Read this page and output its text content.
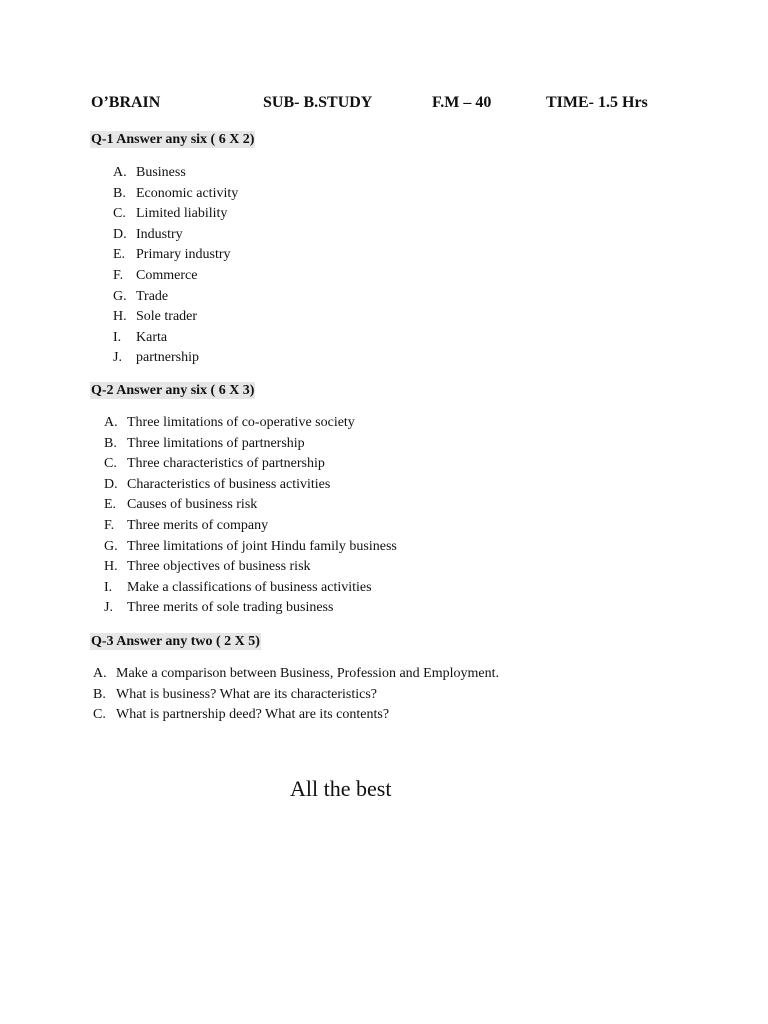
O’BRAIN	SUB- B.STUDY	F.M – 40	TIME- 1.5 Hrs
Q-1 Answer any six ( 6 X 2)
A. Business
B. Economic activity
C. Limited liability
D. Industry
E. Primary industry
F. Commerce
G. Trade
H. Sole trader
I. Karta
J. partnership
Q-2 Answer any six ( 6 X 3)
A. Three limitations of co-operative society
B. Three limitations of partnership
C. Three characteristics of partnership
D. Characteristics of business activities
E. Causes of business risk
F. Three merits of company
G. Three limitations of joint Hindu family business
H. Three objectives of business risk
I. Make a classifications of business activities
J. Three merits of sole trading business
Q-3 Answer any two ( 2 X 5)
A. Make a comparison between Business, Profession and Employment.
B. What is business? What are its characteristics?
C. What is partnership deed? What are its contents?
All the best
